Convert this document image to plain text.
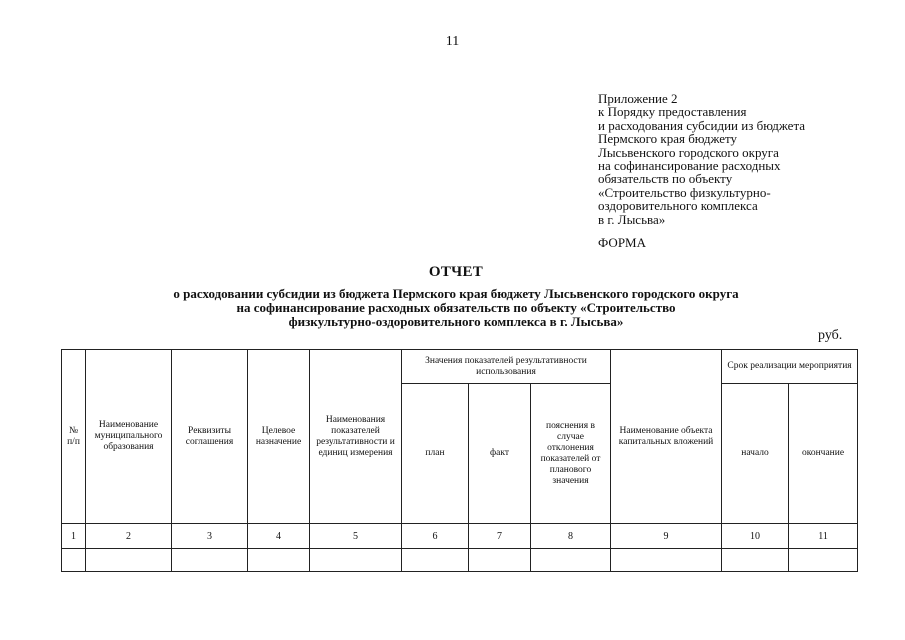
11
Приложение 2
к Порядку предоставления
и расходования субсидии из бюджета
Пермского края бюджету
Лысьвенского городского округа
на софинансирование расходных
обязательств по объекту
«Строительство физкультурно-
оздоровительного комплекса
в г. Лысьва»
ФОРМА
ОТЧЕТ
о расходовании субсидии из бюджета Пермского края бюджету Лысьвенского городского округа
на софинансирование расходных обязательств по объекту «Строительство
физкультурно-оздоровительного комплекса в г. Лысьва»
руб.
№ п/п	Наименование муниципального образования	Реквизиты соглашения	Целевое назначение	Наименования показателей результативности и единиц измерения	Значения показателей результативности использования			Наименование объекта капитальных вложений	Срок реализации мероприятия	
					план	факт	пояснения в случае отклонения показателей от планового значения		начало	окончание
1	2	3	4	5	6	7	8	9	10	11
